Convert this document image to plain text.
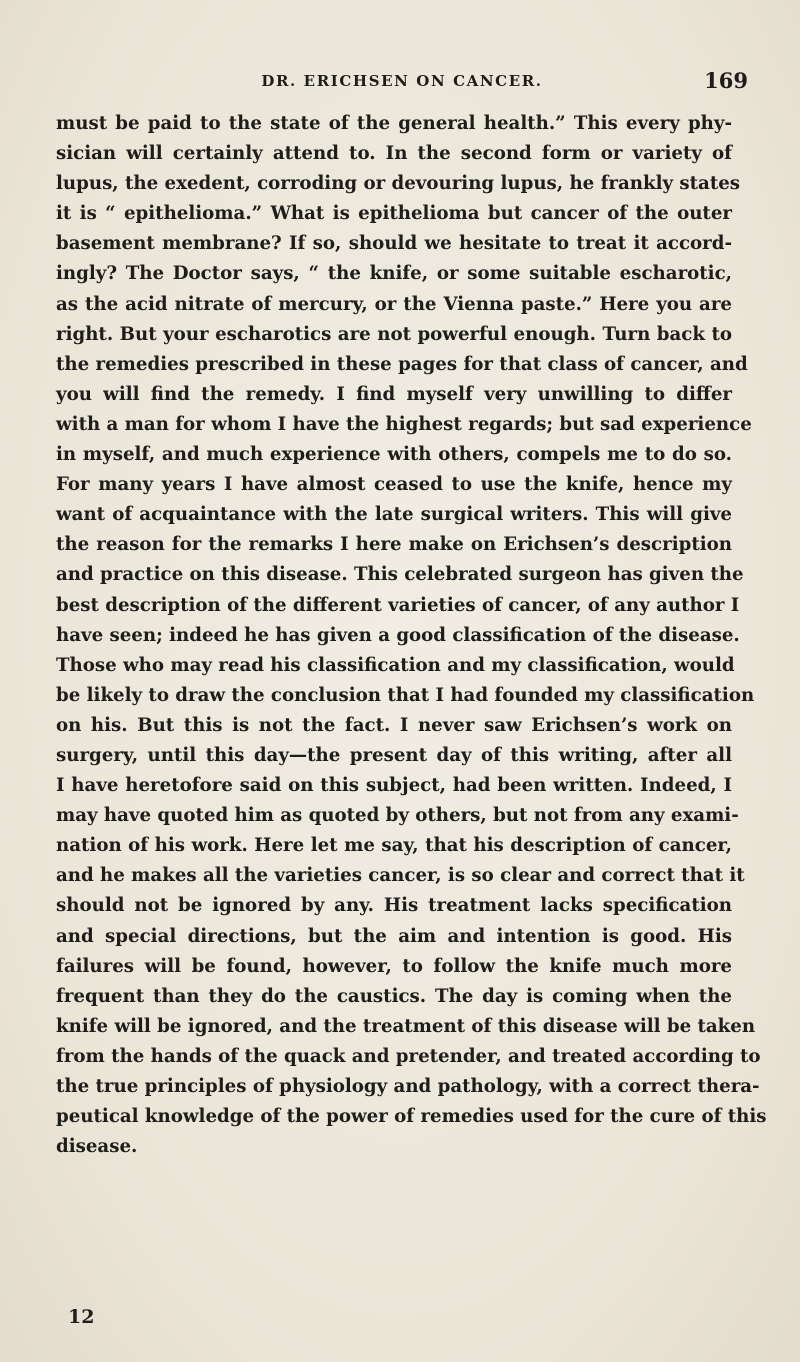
DR. ERICHSEN ON CANCER.	169
must be paid to the state of the general health.” This every phy-
sician will certainly attend to. In the second form or variety of
lupus, the exedent, corroding or devouring lupus, he frankly states
it is “ epithelioma.” What is epithelioma but cancer of the outer
basement membrane? If so, should we hesitate to treat it accord-
ingly? The Doctor says, “ the knife, or some suitable escharotic,
as the acid nitrate of mercury, or the Vienna paste.” Here you are
right. But your escharotics are not powerful enough. Turn back to
the remedies prescribed in these pages for that class of cancer, and
you will find the remedy. I find myself very unwilling to differ
with a man for whom I have the highest regards; but sad experience
in myself, and much experience with others, compels me to do so.
For many years I have almost ceased to use the knife, hence my
want of acquaintance with the late surgical writers. This will give
the reason for the remarks I here make on Erichsen’s description
and practice on this disease. This celebrated surgeon has given the
best description of the different varieties of cancer, of any author I
have seen; indeed he has given a good classification of the disease.
Those who may read his classification and my classification, would
be likely to draw the conclusion that I had founded my classification
on his. But this is not the fact. I never saw Erichsen’s work on
surgery, until this day—the present day of this writing, after all
I have heretofore said on this subject, had been written. Indeed, I
may have quoted him as quoted by others, but not from any exami-
nation of his work. Here let me say, that his description of cancer,
and he makes all the varieties cancer, is so clear and correct that it
should not be ignored by any. His treatment lacks specification
and special directions, but the aim and intention is good. His
failures will be found, however, to follow the knife much more
frequent than they do the caustics. The day is coming when the
knife will be ignored, and the treatment of this disease will be taken
from the hands of the quack and pretender, and treated according to
the true principles of physiology and pathology, with a correct thera-
peutical knowledge of the power of remedies used for the cure of this
disease.
12
